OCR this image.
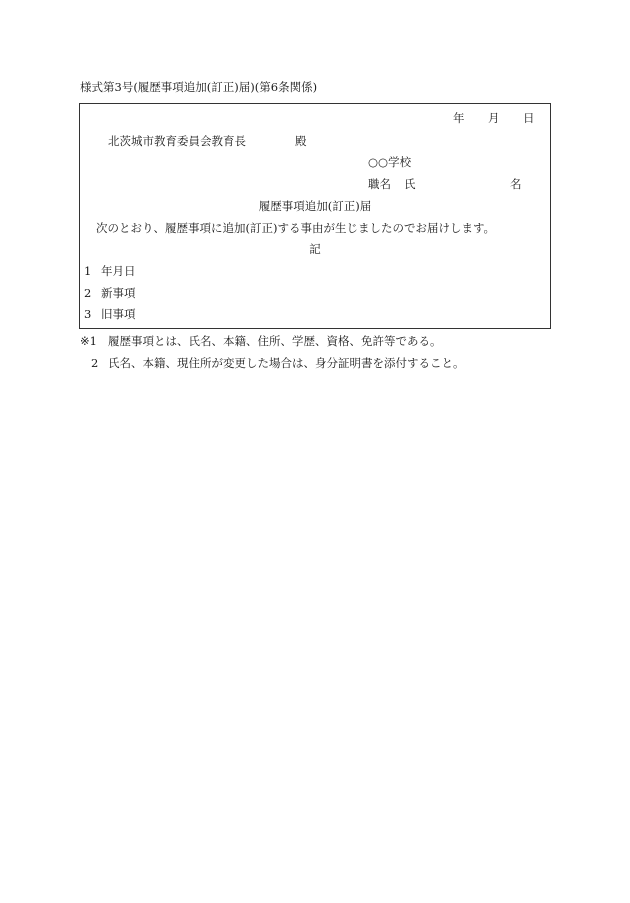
様式第3号(履歴事項追加(訂正)届)(第6条関係)
年 月 日
北茨城市教育委員会教育長	殿
○○学校
職名 氏	名
履歴事項追加(訂正)届
次のとおり、履歴事項に追加(訂正)する事由が生じましたのでお届けします。
記
1 年月日
2 新事項
3 旧事項
※1 履歴事項とは、氏名、本籍、住所、学歴、資格、免許等である。
2 氏名、本籍、現住所が変更した場合は、身分証明書を添付すること。
